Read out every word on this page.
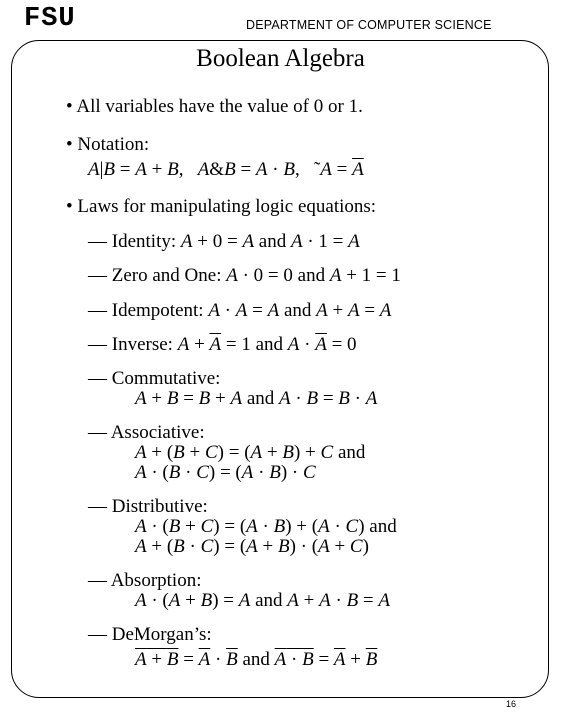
FSU	DEPARTMENT OF COMPUTER SCIENCE
Boolean Algebra
• All variables have the value of 0 or 1.
• Notation:
A|B = A + B,   A&B = A · B,   ˜A = $\overline{A}$
• Laws for manipulating logic equations:
— Identity: A + 0 = A and A · 1 = A
— Zero and One: A · 0 = 0 and A + 1 = 1
— Idempotent: A · A = A and A + A = A
— Inverse: $A + \overline{A} = 1$ and $A \cdot \overline{A} = 0$
— Commutative:
A + B = B + A and A · B = B · A
— Associative:
A + (B + C) = (A + B) + C and
A · (B · C) = (A · B) · C
— Distributive:
A · (B + C) = (A · B) + (A · C) and
A + (B · C) = (A + B) · (A + C)
— Absorption:
A · (A + B) = A and A + A · B = A
— DeMorgan’s:
$A + B = \overline{A} \cdot \overline{B}$ and $A \cdot B = \overline{A} + \overline{B}$
16
